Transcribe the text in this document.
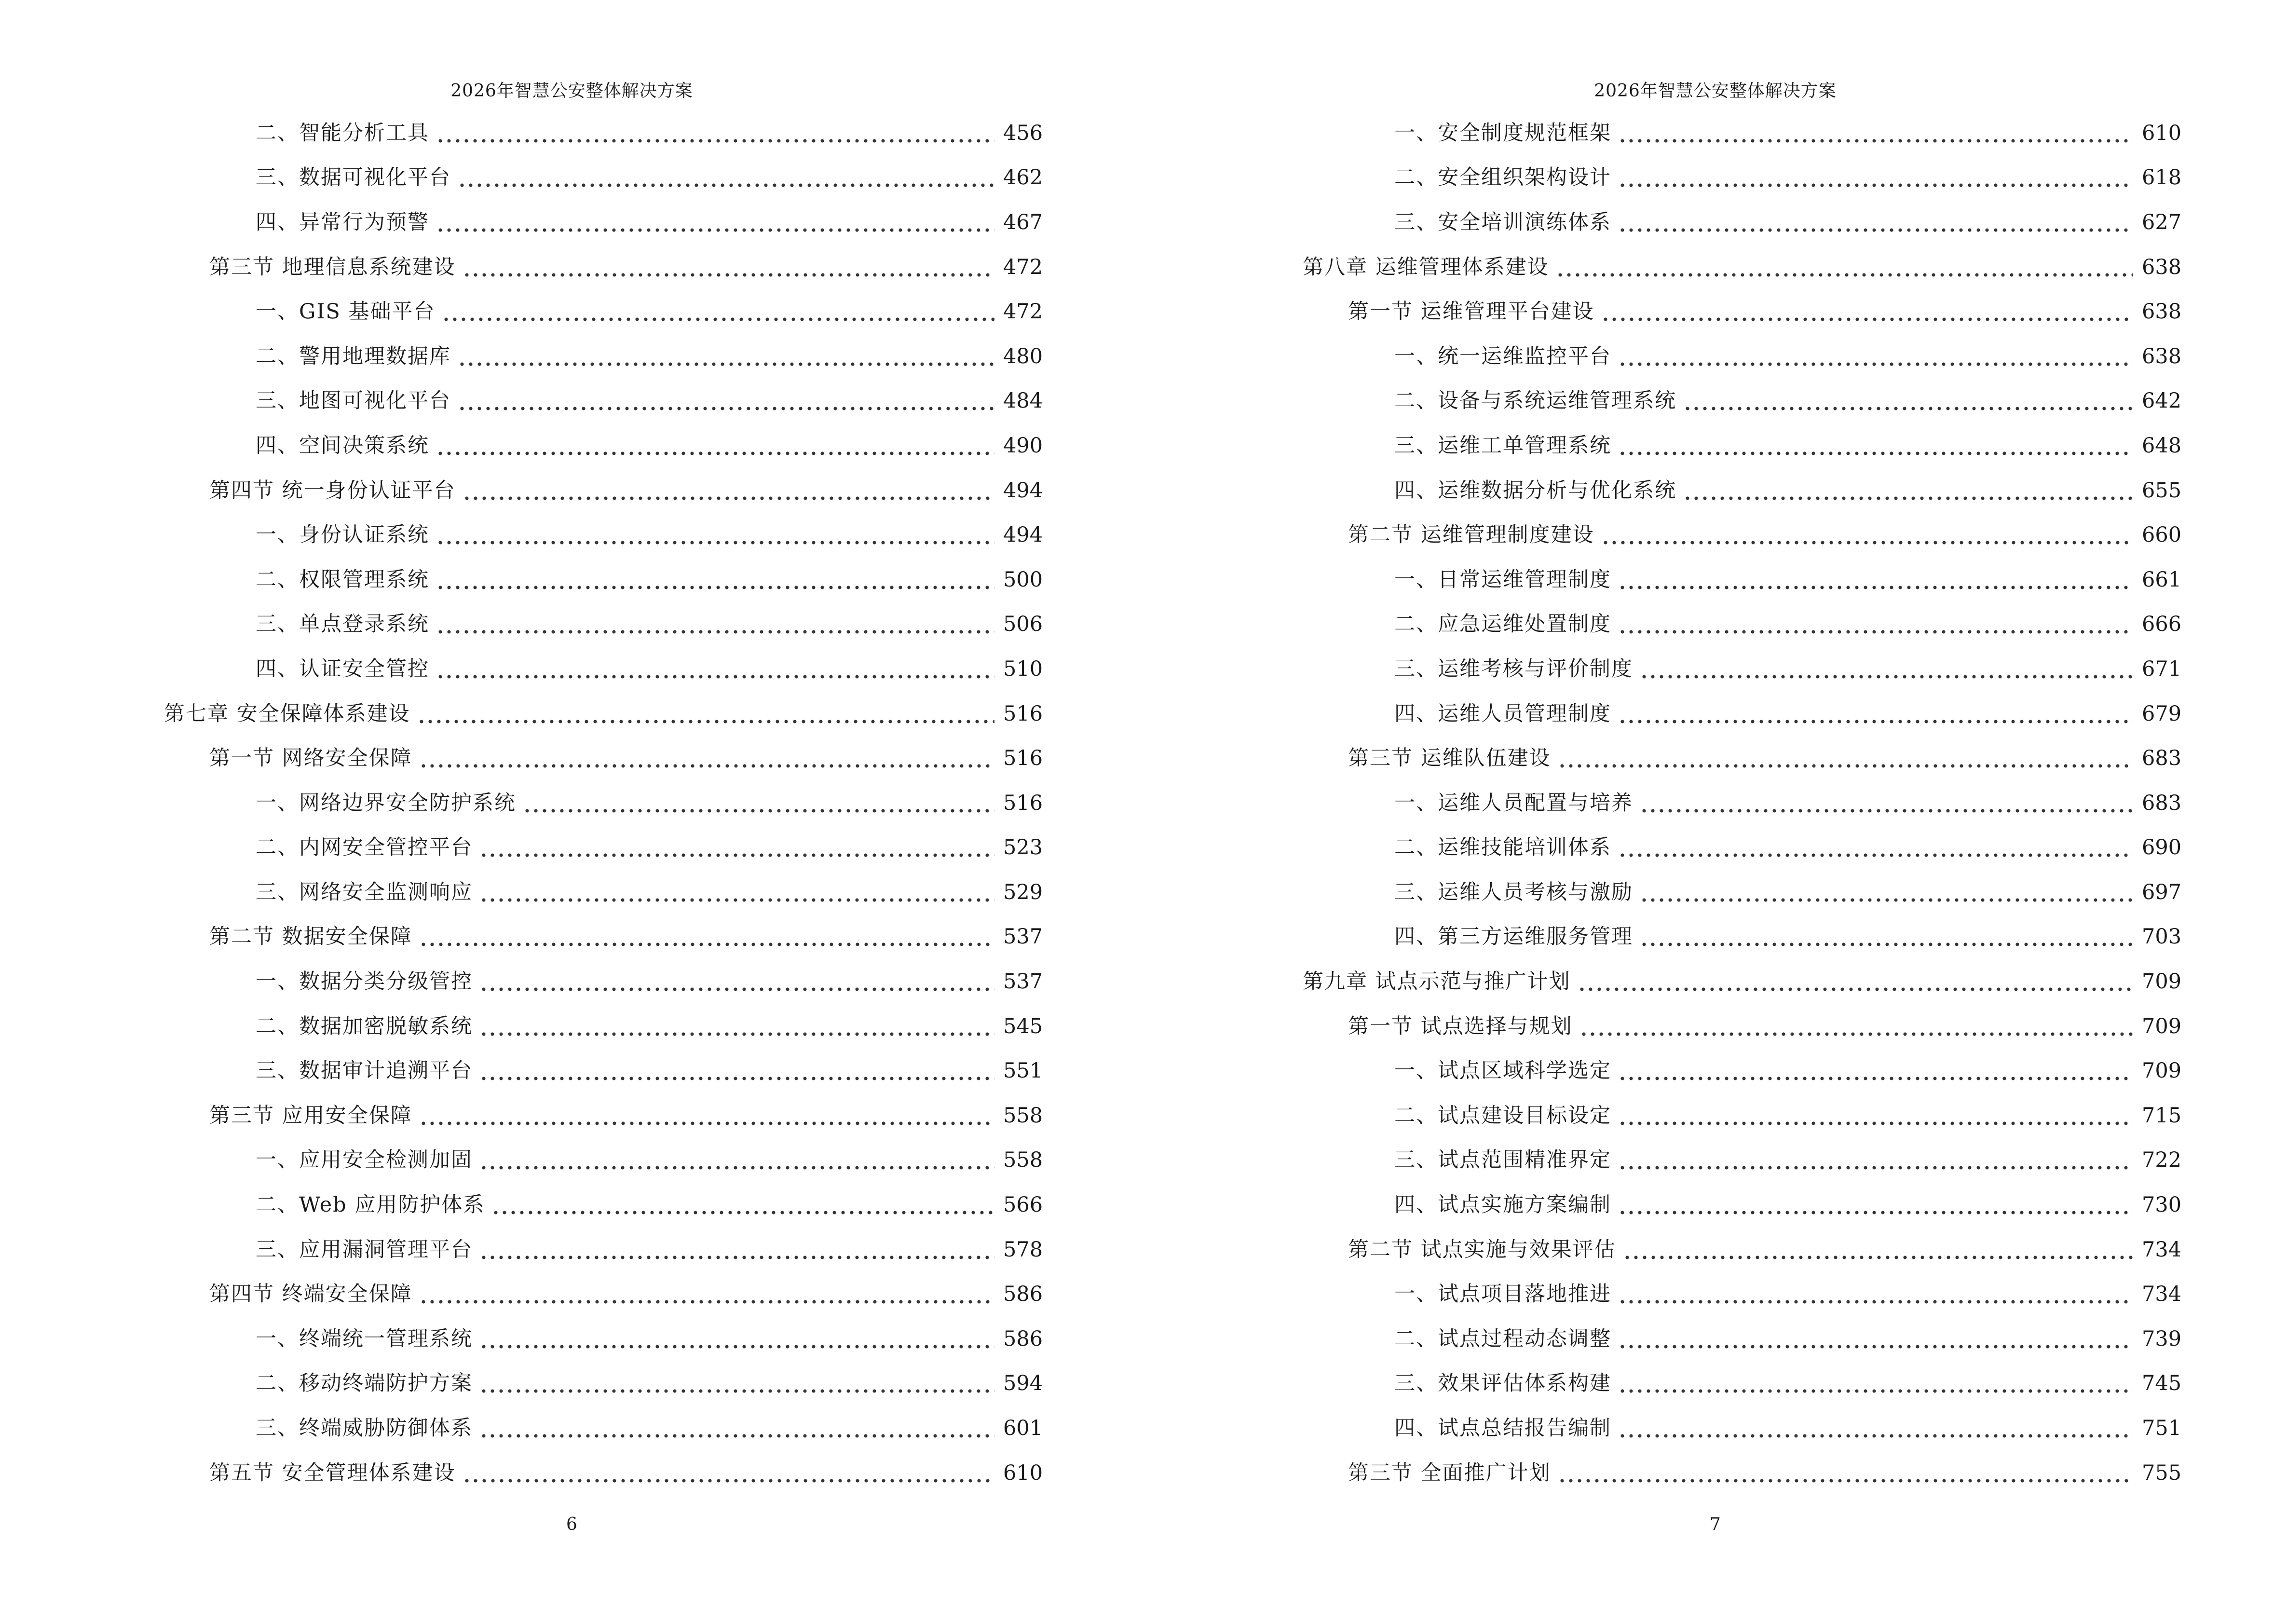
2026年智慧公安整体解决方案
二、智能分析工具	456
三、数据可视化平台	462
四、异常行为预警	467
第三节 地理信息系统建设	472
一、GIS 基础平台	472
二、警用地理数据库	480
三、地图可视化平台	484
四、空间决策系统	490
第四节 统一身份认证平台	494
一、身份认证系统	494
二、权限管理系统	500
三、单点登录系统	506
四、认证安全管控	510
第七章 安全保障体系建设	516
第一节 网络安全保障	516
一、网络边界安全防护系统	516
二、内网安全管控平台	523
三、网络安全监测响应	529
第二节 数据安全保障	537
一、数据分类分级管控	537
二、数据加密脱敏系统	545
三、数据审计追溯平台	551
第三节 应用安全保障	558
一、应用安全检测加固	558
二、Web 应用防护体系	566
三、应用漏洞管理平台	578
第四节 终端安全保障	586
一、终端统一管理系统	586
二、移动终端防护方案	594
三、终端威胁防御体系	601
第五节 安全管理体系建设	610
6
2026年智慧公安整体解决方案
一、安全制度规范框架	610
二、安全组织架构设计	618
三、安全培训演练体系	627
第八章 运维管理体系建设	638
第一节 运维管理平台建设	638
一、统一运维监控平台	638
二、设备与系统运维管理系统	642
三、运维工单管理系统	648
四、运维数据分析与优化系统	655
第二节 运维管理制度建设	660
一、日常运维管理制度	661
二、应急运维处置制度	666
三、运维考核与评价制度	671
四、运维人员管理制度	679
第三节 运维队伍建设	683
一、运维人员配置与培养	683
二、运维技能培训体系	690
三、运维人员考核与激励	697
四、第三方运维服务管理	703
第九章 试点示范与推广计划	709
第一节 试点选择与规划	709
一、试点区域科学选定	709
二、试点建设目标设定	715
三、试点范围精准界定	722
四、试点实施方案编制	730
第二节 试点实施与效果评估	734
一、试点项目落地推进	734
二、试点过程动态调整	739
三、效果评估体系构建	745
四、试点总结报告编制	751
第三节 全面推广计划	755
7
